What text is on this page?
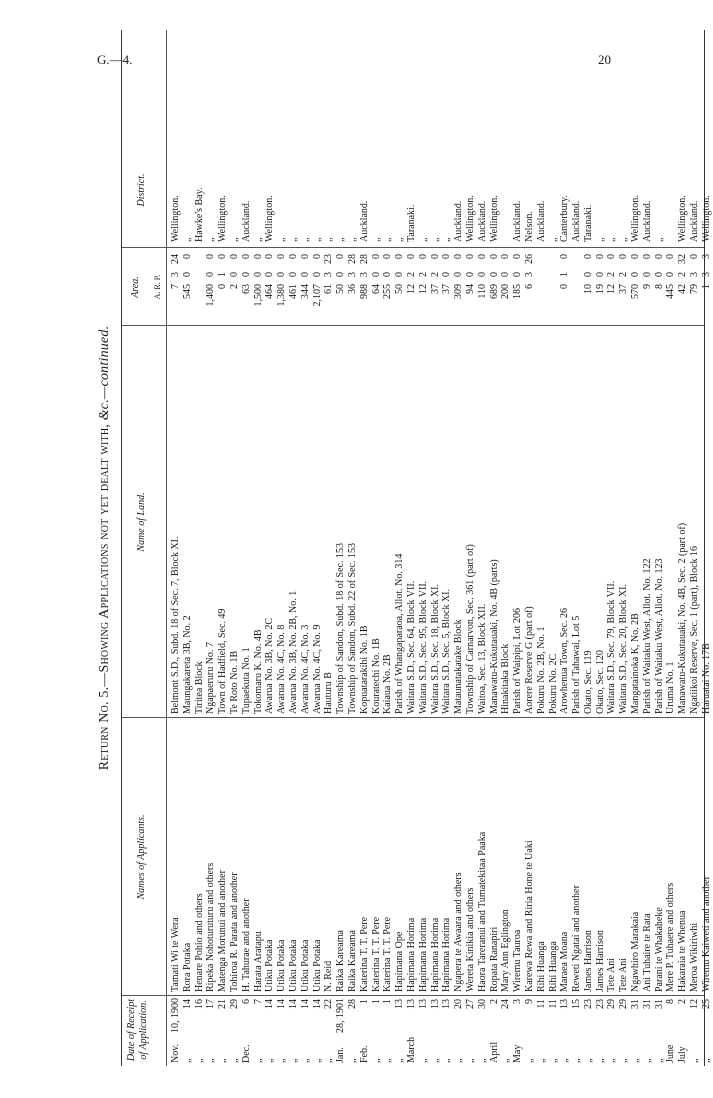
G.—4.	20
Return No. 5.—Showing Applications not yet dealt with, &c.—continued.
Date of Receipt of Application.
Names of Applicants.
Name of Land.
Area. A. R. P.
District.
Nov.
10, 1900
Tamati Wi te Wera
Belmont S.D., Subd. 18 of Sec. 7, Block XI.
7
3
24
Wellington.
„
14
Rora Potaka
Maungakareta 3B, No. 2
545
0
0
„
„
16
Henare Pohio and others
Tiritea Block
Hawke's Bay.
„
17
Ripeka Nohoturuturu and others
Ngapaeruru No. 7
1,400
0
0
„
„
21
Matenga Morunui and another
Town of Hadfield, Sec. 49
0
1
0
Wellington.
„
29
Tohiroa R. Parata and another
Te Roto No. 1B
2
0
0
„
Dec.
6
H. Tahurae and another
Tupaekuta No. 1
63
0
0
Auckland.
„
7
Harata Aratapu
Tokomaru K. No. 4B
1,500
0
0
„
„
14
Utiku Potaka
Awarua No. 3B, No. 2C
464
0
0
Wellington.
„
14
Utiku Potaka
Awarua No. 4C, No. 8
1,380
0
0
„
„
14
Utiku Potaka
Awarua No. 3B, No. 2B, No. 1
461
0
0
„
„
14
Utiku Potaka
Awarua No. 4C, No. 3
344
0
0
„
„
14
Utiku Potaka
Awarua No. 4C, No. 9
2,107
0
0
„
„
22
N. Reid
Hauturu B
61
3
23
„
Jan.
28, 1901
Raika Kareama
Township of Sandon, Subd. 18 of Sec. 153
50
0
0
„
„
28
Raika Kareama
Township of Sandon, Subd. 22 of Sec. 153
36
3
28
„
Feb.
1
Katerina T. T. Pere
Kopuatarakihi No. 1B
988
3
28
Auckland.
„
1
Katerina T. T. Pere
Kouratechi No. 1B
64
0
0
„
„
1
Katerina T. T. Pere
Kaiaua No. 2B
255
0
0
„
„
13
Hapimana Ope
Parish of Whangaparaoa, Allot. No. 314
50
0
0
„
March
13
Hapimana Horima
Waitara S.D., Sec. 64, Block VII.
12
2
0
Taranaki.
„
13
Hapimana Horima
Waitara S.D., Sec. 95, Block VII.
12
2
0
„
„
13
Hapimana Horima
Waitara S.D., Sec. 18, Block XI.
37
2
0
„
„
13
Hapimana Horima
Waitara S.D., Sec. 5, Block XI.
37
0
0
„
„
20
Ngapera te Awaara and others
Mataunatakatake Block
309
0
0
Auckland.
„
27
Wereta Kinikia and others
Township of Carnarvon, Sec. 361 (part of)
94
0
0
Wellington.
„
30
Haora Tareranui and Tumatekitaa Paaka
Waitoa, Sec. 13, Block XII.
110
0
0
Auckland.
April
2
Ropata Ranapiri
Manawatu-Kukutauaki, No. 4B (parts)
689
0
0
Wellington.
„
24
Mary Ann Eglington
Hinakitaka Block
200
0
0
May
3
Wiremu Tauroa
Parish of Waipipi, Lot 206
185
0
0
Auckland.
„
9
Karewa Rewa and Riria Hone te Uaki
Aorere Reserve G (part of)
6
3
26
Nelson.
„
11
Rihi Huanga
Pokuru No. 2B, No. 1
Auckland.
„
11
Rihi Huanga
Pokuru No. 2C
„
„
13
Maraea Moana
Arowhenua Town, Sec. 26
0
1
0
Canterbury.
„
15
Reweti Ngatai and another
Parish of Tahawai, Lot 5
Auckland.
„
23
James Harrison
Okato, Sec. 119
10
0
0
Taranaki.
„
23
James Harrison
Okato, Sec. 120
19
0
0
„
„
29
Tete Ani
Waitara S.D., Sec. 79, Block VII.
12
2
0
„
„
29
Tete Ani
Waitara S.D., Sec. 20, Block XI.
37
2
0
„
„
31
Ngawhiro Marakaia
Mangatainoka K, No. 2B
570
0
0
Wellington.
„
31
Ani Tuhaire te Rata
Parish of Waitaku West, Allot. No. 122
9
0
0
Auckland.
„
31
Parani te Whakaheke
Parish of Waitaku West, Allot. No. 123
8
0
0
„
June
8
Mere P. Tuhaere and others
Uruma No. 1
445
0
0
July
2
Hakaraia te Whenua
Manawatu-Kukutauaki, No. 4B, Sec. 2 (part of)
42
2
32
Wellington.
„
12
Meroa Wikiriwhi
Ngatiikoi Reserve, Sec. 1 (part), Block 16
79
3
0
Auckland.
„
25
Wiremu Kaiweti and another
Haruatai No. 17B
1
3
3
Wellington.
